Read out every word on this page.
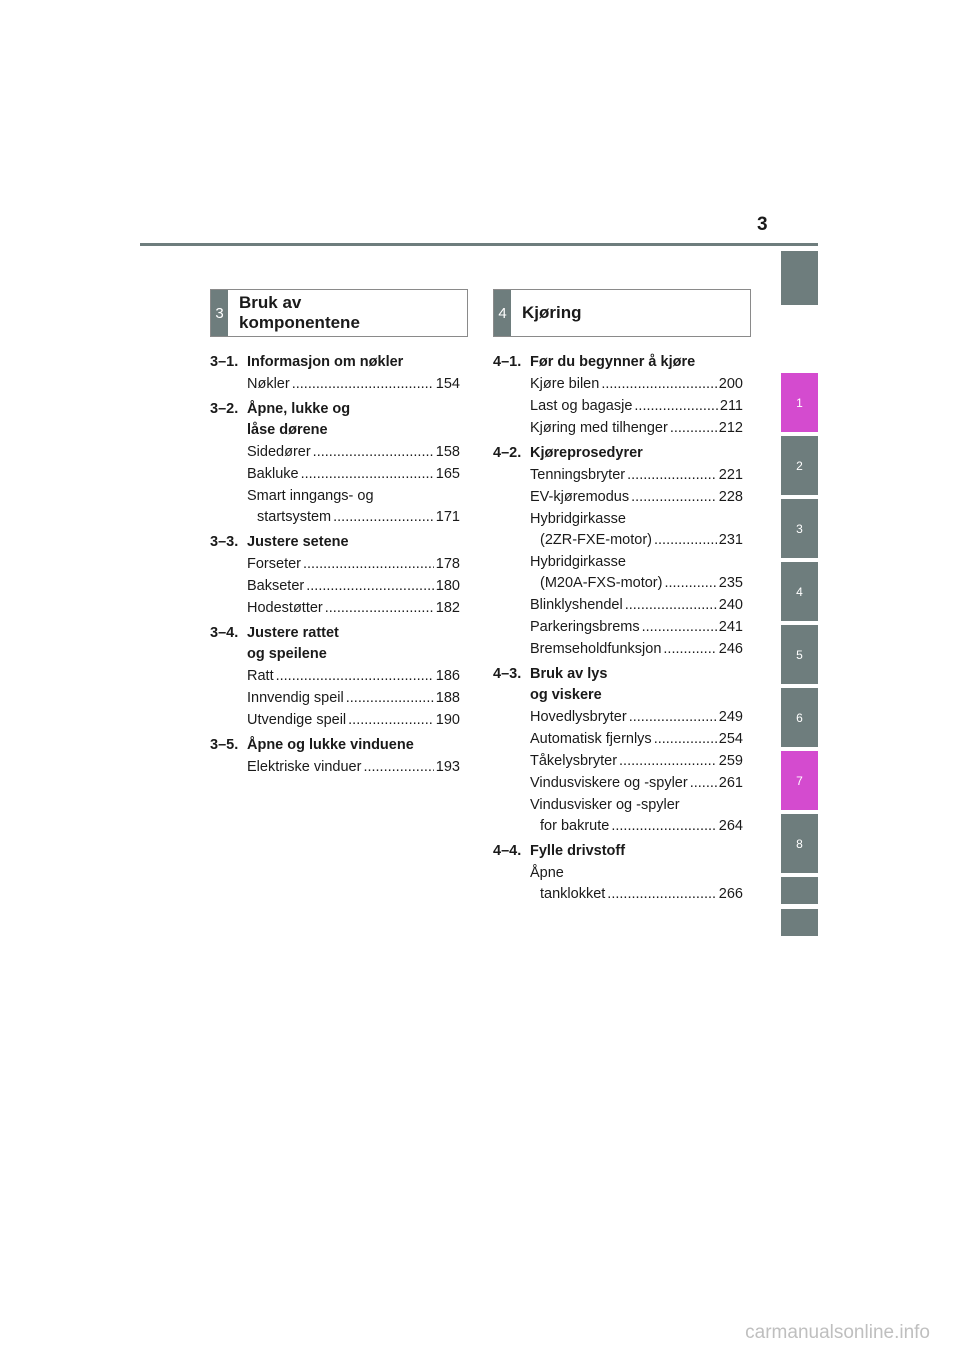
3
3
Bruk av
komponentene	4 Kjøring
3–1. Informasjon om nøkler
Nøkler .....	154
3–2. Åpne, lukke og
låse dørene
Sidedører .....	158
Bakluke .....	165
Smart inngangs- og
startsystem .....	171
3–3. Justere setene
Forseter .....	178
Bakseter .....	180
Hodestøtter .....	182
3–4. Justere rattet
og speilene
Ratt .....	186
Innvendig speil .....	188
Utvendige speil .....	190
3–5. Åpne og lukke vinduene
Elektriske vinduer .....	193
4–1. Før du begynner å kjøre
Kjøre bilen .....	200
Last og bagasje .....	211
Kjøring med tilhenger .....	212
4–2. Kjøreprosedyrer
Tenningsbryter .....	221
EV-kjøremodus .....	228
Hybridgirkasse
(2ZR-FXE-motor) .....	231
Hybridgirkasse
(M20A-FXS-motor) .....	235
Blinklyshendel .....	240
Parkeringsbrems .....	241
Bremseholdfunksjon .....	246
4–3. Bruk av lys
og viskere
Hovedlysbryter .....	249
Automatisk fjernlys .....	254
Tåkelysbryter .....	259
Vindusviskere og -spyler ..... 261
Vindusvisker og -spyler
for bakrute .....	264
4–4. Fylle drivstoff
Åpne
tanklokket .....	266
1
2
3
4
5
6
7
8
carmanualsonline.info
